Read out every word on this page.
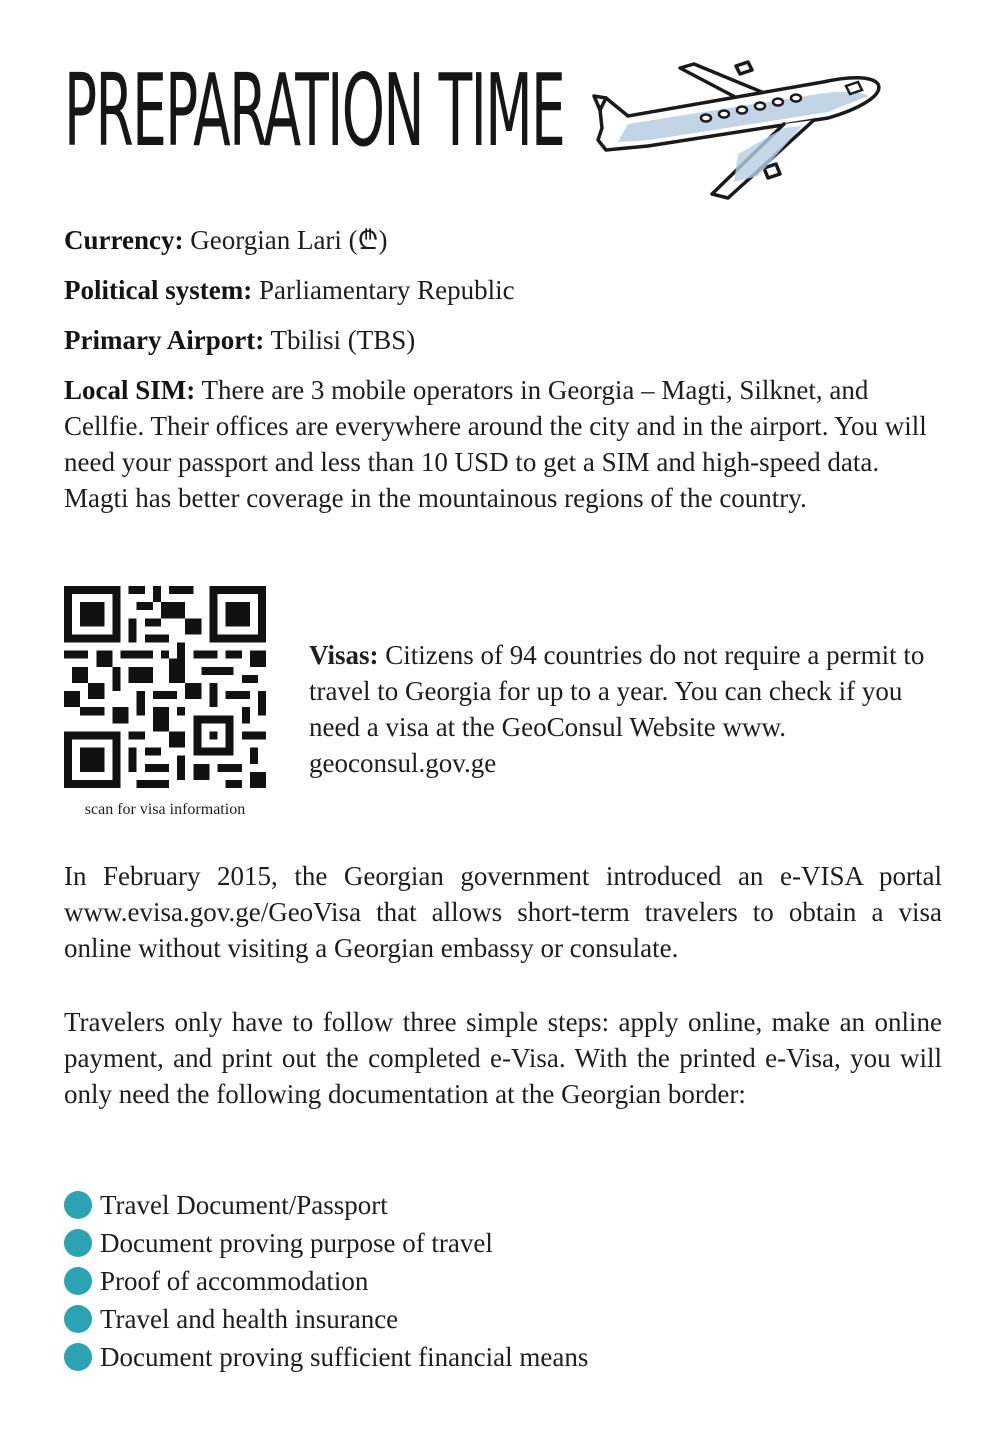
PREPARATION TIME

Currency: Georgian Lari (₾)

Political system: Parliamentary Republic

Primary Airport: Tbilisi (TBS)

Local SIM: There are 3 mobile operators in Georgia – Magti, Silknet, and Cellfie. Their offices are everywhere around the city and in the airport. You will need your passport and less than 10 USD to get a SIM and high-speed data. Magti has better coverage in the mountainous regions of the country.

scan for visa information
Visas: Citizens of 94 countries do not require a permit to travel to Georgia for up to a year. You can check if you need a visa at the GeoConsul Website www. geoconsul.gov.ge

In February 2015, the Georgian government introduced an e-VISA portal www.evisa.gov.ge/GeoVisa that allows short-term travelers to obtain a visa online without visiting a Georgian embassy or consulate.

Travelers only have to follow three simple steps: apply online, make an online payment, and print out the completed e-Visa. With the printed e-Visa, you will only need the following documentation at the Georgian border:

Travel Document/Passport
Document proving purpose of travel
Proof of accommodation
Travel and health insurance
Document proving sufficient financial means
